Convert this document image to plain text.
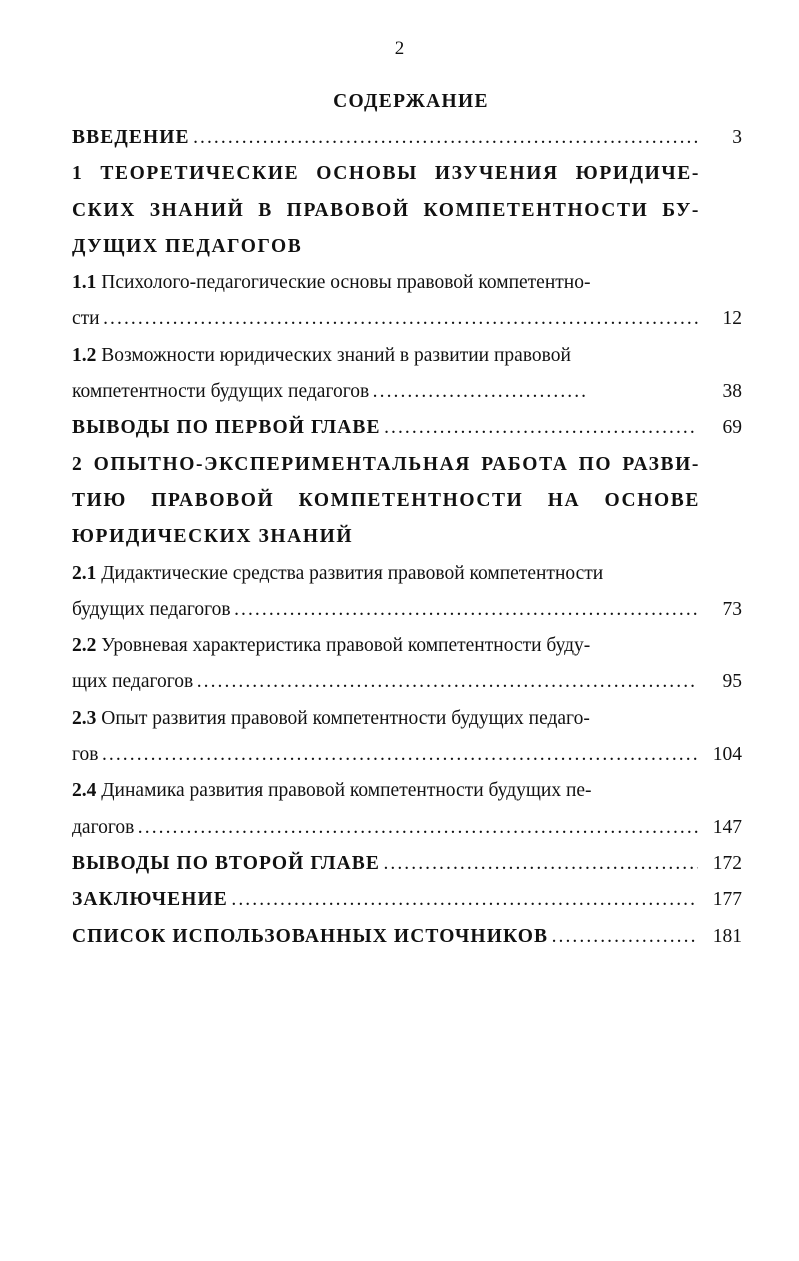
2
СОДЕРЖАНИЕ
ВВЕДЕНИЕ . . .	3
1 ТЕОРЕТИЧЕСКИЕ ОСНОВЫ ИЗУЧЕНИЯ ЮРИДИЧЕ-
СКИХ ЗНАНИЙ В ПРАВОВОЙ КОМПЕТЕНТНОСТИ БУ-
ДУЩИХ ПЕДАГОГОВ
1.1 Психолого-педагогические основы правовой компетентно-
сти . . .	12
1.2 Возможности юридических знаний в развитии правовой
компетентности будущих педагогов . . .	38
ВЫВОДЫ ПО ПЕРВОЙ ГЛАВЕ . . .	69
2 ОПЫТНО-ЭКСПЕРИМЕНТАЛЬНАЯ РАБОТА ПО РАЗВИ-
ТИЮ ПРАВОВОЙ КОМПЕТЕНТНОСТИ НА ОСНОВЕ
ЮРИДИЧЕСКИХ ЗНАНИЙ
2.1 Дидактические средства развития правовой компетентности
будущих педагогов . . .	73
2.2 Уровневая характеристика правовой компетентности буду-
щих педагогов . . .	95
2.3 Опыт развития правовой компетентности будущих педаго-
гов . . .	104
2.4 Динамика развития правовой компетентности будущих пе-
дагогов . . .	147
ВЫВОДЫ ПО ВТОРОЙ ГЛАВЕ . . .	172
ЗАКЛЮЧЕНИЕ . . .	177
СПИСОК ИСПОЛЬЗОВАННЫХ ИСТОЧНИКОВ . . .	181
